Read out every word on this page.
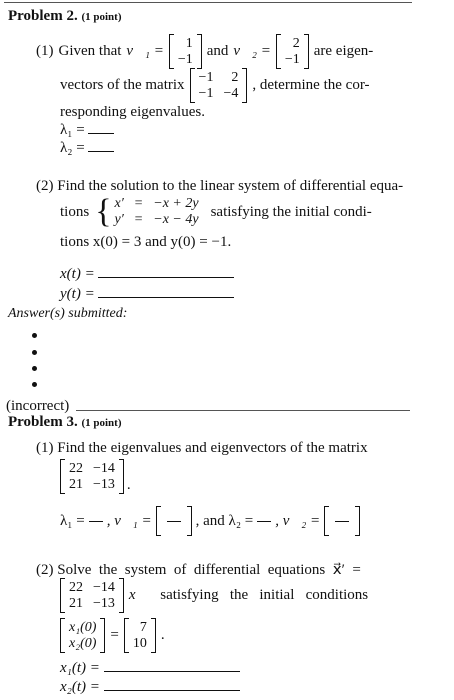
Problem 2. (1 point)
(1) Given that v⃗₁ =	1
−1
and v⃗₂ =	2
−1
are eigen-
vectors of the matrix −1	2
−1 −4
, determine the cor-
responding eigenvalues.
λ₁ =
λ₂ =
(2) Find the solution to the linear system of differential equa-
tions { x′ = −x + 2y
y′ = −x − 4y satisfying the initial condi-
tions x(0) = 3 and y(0) = −1.
x(t) =
y(t) =
Answer(s) submitted:
(incorrect)
Problem 3. (1 point)
(1) Find the eigenvalues and eigenvectors of the matrix
22 −14
21 −13 .
λ₁ = , v⃗₁ =	, and λ₂ = , v⃗₂ =
(2) Solve  the  system  of  differential  equations  x⃗′  =
22 −14
21 −13
x⃗ satisfying   the   initial   conditions
x₁(0)
x₂(0)
=	7
10
.
x₁(t) =
x₂(t) =
